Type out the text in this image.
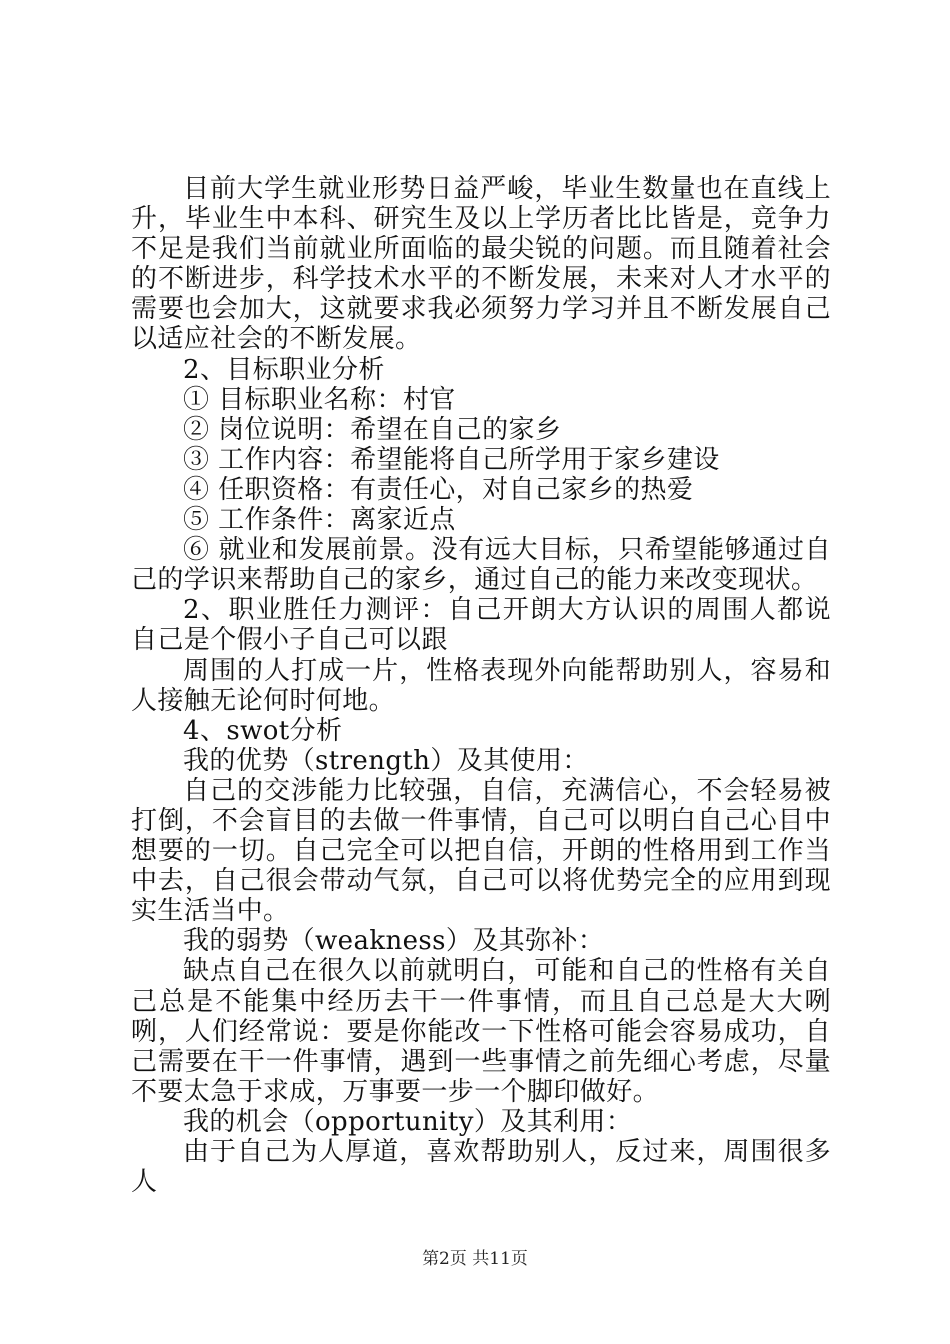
目前大学生就业形势日益严峻，毕业生数量也在直线上升，毕业生中本科、研究生及以上学历者比比皆是，竞争力不足是我们当前就业所面临的最尖锐的问题。而且随着社会的不断进步，科学技术水平的不断发展，未来对人才水平的需要也会加大，这就要求我必须努力学习并且不断发展自己以适应社会的不断发展。

2、目标职业分析

① 目标职业名称：村官

② 岗位说明：希望在自己的家乡

③ 工作内容：希望能将自己所学用于家乡建设

④ 任职资格：有责任心，对自己家乡的热爱

⑤ 工作条件：离家近点

⑥ 就业和发展前景。没有远大目标，只希望能够通过自己的学识来帮助自己的家乡，通过自己的能力来改变现状。

2、职业胜任力测评：自己开朗大方认识的周围人都说自己是个假小子自己可以跟

周围的人打成一片，性格表现外向能帮助别人，容易和人接触无论何时何地。

4、swot分析

我的优势（strength）及其使用：

自己的交涉能力比较强，自信，充满信心，不会轻易被打倒，不会盲目的去做一件事情，自己可以明白自己心目中想要的一切。自己完全可以把自信，开朗的性格用到工作当中去，自己很会带动气氛，自己可以将优势完全的应用到现实生活当中。

我的弱势（weakness）及其弥补：

缺点自己在很久以前就明白，可能和自己的性格有关自己总是不能集中经历去干一件事情，而且自己总是大大咧咧，人们经常说：要是你能改一下性格可能会容易成功，自己需要在干一件事情，遇到一些事情之前先细心考虑，尽量不要太急于求成，万事要一步一个脚印做好。

我的机会（opportunity）及其利用：

由于自己为人厚道，喜欢帮助别人，反过来，周围很多人

第2页 共11页
